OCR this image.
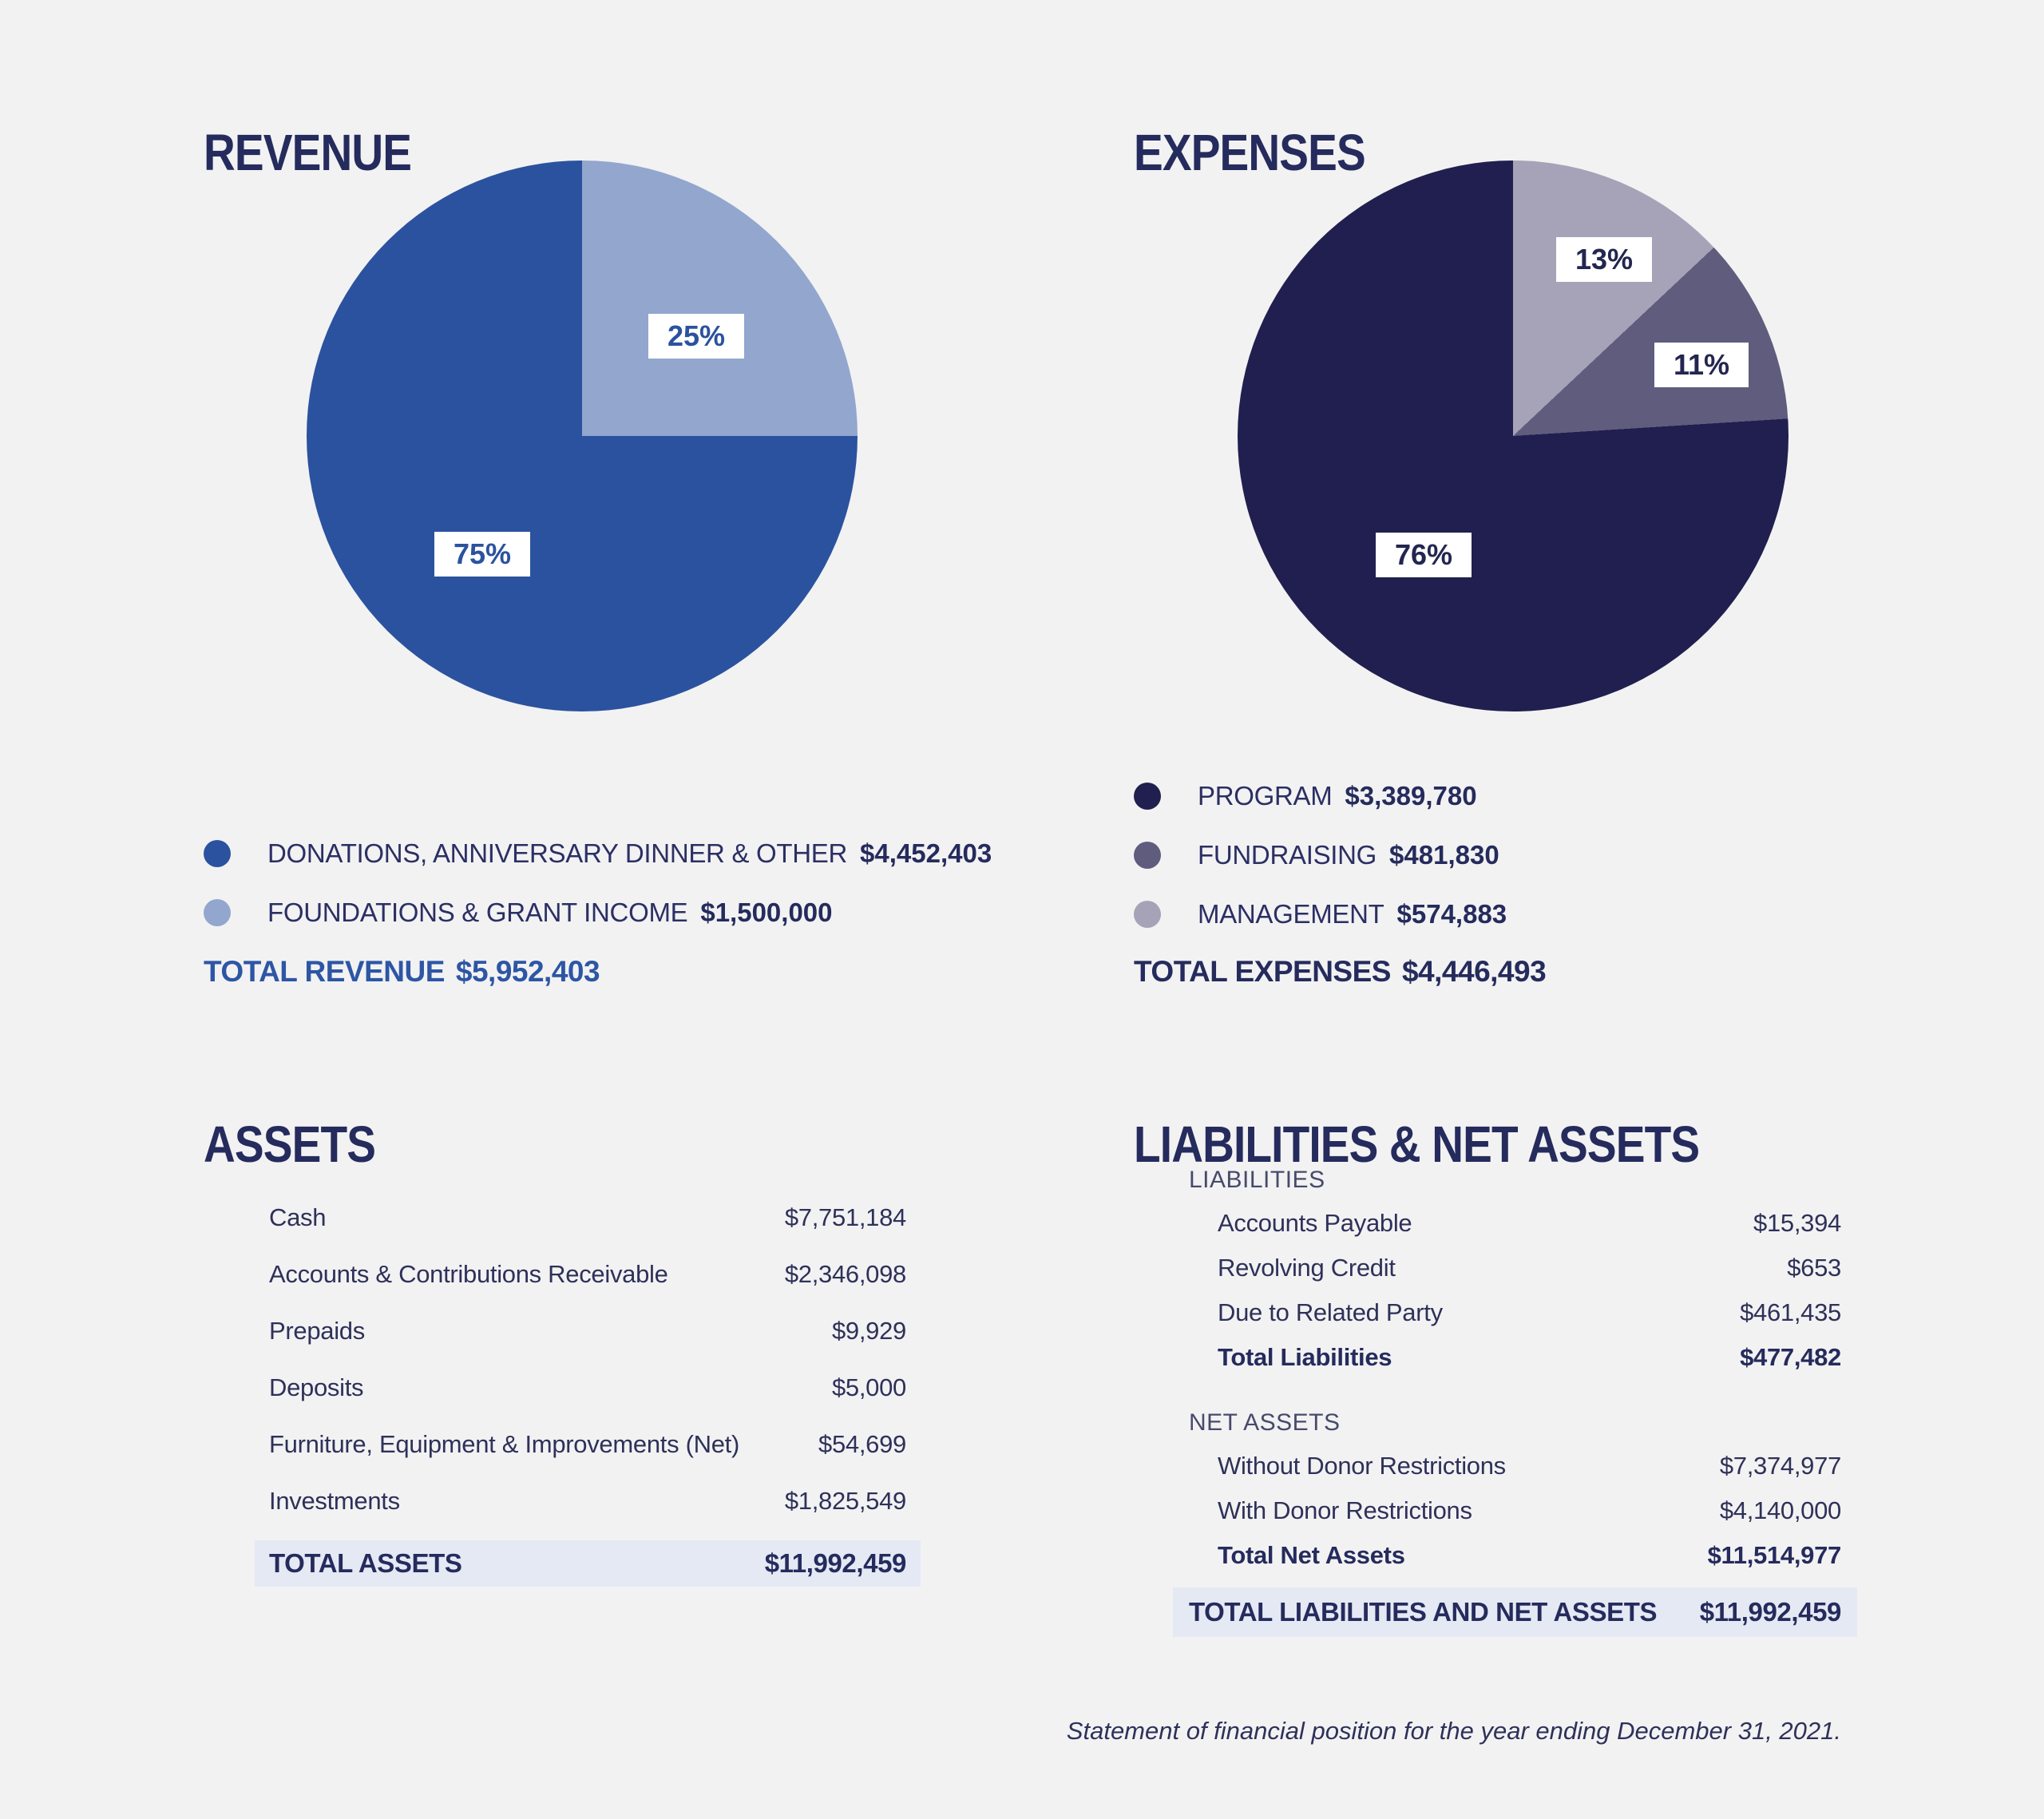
REVENUE
25%
75%
DONATIONS, ANNIVERSARY DINNER & OTHER $4,452,403
FOUNDATIONS & GRANT INCOME $1,500,000
TOTAL REVENUE $5,952,403
EXPENSES
13%
11%
76%
PROGRAM $3,389,780
FUNDRAISING $481,830
MANAGEMENT $574,883
TOTAL EXPENSES $4,446,493
ASSETS
Cash	$7,751,184
Accounts & Contributions Receivable	$2,346,098
Prepaids	$9,929
Deposits	$5,000
Furniture, Equipment & Improvements (Net)	$54,699
Investments	$1,825,549
TOTAL ASSETS	$11,992,459
LIABILITIES & NET ASSETS
LIABILITIES
Accounts Payable	$15,394
Revolving Credit	$653
Due to Related Party	$461,435
Total Liabilities	$477,482
NET ASSETS
Without Donor Restrictions	$7,374,977
With Donor Restrictions	$4,140,000
Total Net Assets	$11,514,977
TOTAL LIABILITIES AND NET ASSETS $11,992,459
Statement of financial position for the year ending December 31, 2021.
